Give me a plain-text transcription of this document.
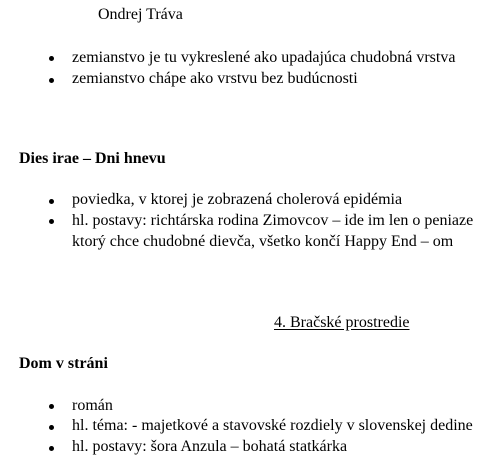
Ondrej Tráva
zemianstvo je tu vykreslené ako upadajúca chudobná vrstva
zemianstvo chápe ako vrstvu bez budúcnosti
Dies irae – Dni hnevu
poviedka, v ktorej je zobrazená cholerová epidémia
hl. postavy: richtárska rodina Zimovcov – ide im len o peniaze
ktorý chce chudobné dievča, všetko končí Happy End – om
4. Bračské prostredie
Dom v stráni
román
hl. téma: - majetkové a stavovské rozdiely v slovenskej dedine
hl. postavy: šora Anzula – bohatá statkárka
